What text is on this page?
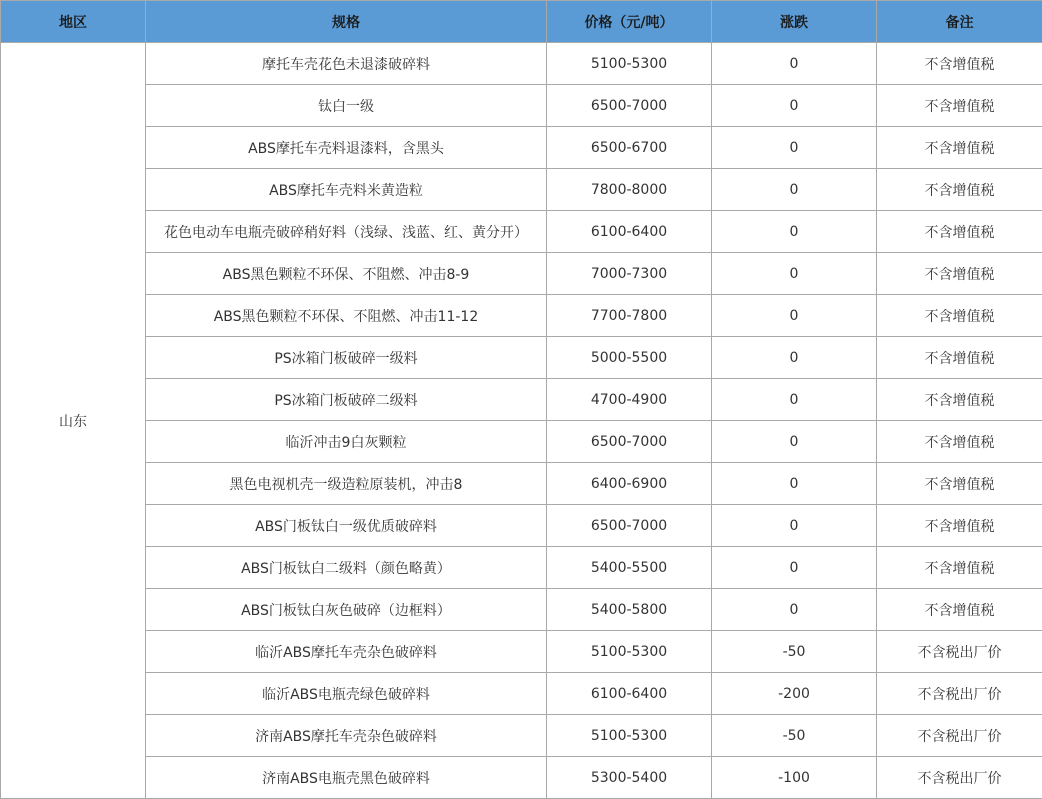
地区	规格	价格（元/吨）	涨跌	备注
山东	摩托车壳花色未退漆破碎料	5100-5300	0	不含增值税
	钛白一级	6500-7000	0	不含增值税
	ABS摩托车壳料退漆料，含黑头	6500-6700	0	不含增值税
	ABS摩托车壳料米黄造粒	7800-8000	0	不含增值税
	花色电动车电瓶壳破碎稍好料（浅绿、浅蓝、红、黄分开）	6100-6400	0	不含增值税
	ABS黑色颗粒不环保、不阻燃、冲击8-9	7000-7300	0	不含增值税
	ABS黑色颗粒不环保、不阻燃、冲击11-12	7700-7800	0	不含增值税
	PS冰箱门板破碎一级料	5000-5500	0	不含增值税
	PS冰箱门板破碎二级料	4700-4900	0	不含增值税
	临沂冲击9白灰颗粒	6500-7000	0	不含增值税
	黑色电视机壳一级造粒原装机，冲击8	6400-6900	0	不含增值税
	ABS门板钛白一级优质破碎料	6500-7000	0	不含增值税
	ABS门板钛白二级料（颜色略黄）	5400-5500	0	不含增值税
	ABS门板钛白灰色破碎（边框料）	5400-5800	0	不含增值税
	临沂ABS摩托车壳杂色破碎料	5100-5300	-50	不含税出厂价
	临沂ABS电瓶壳绿色破碎料	6100-6400	-200	不含税出厂价
	济南ABS摩托车壳杂色破碎料	5100-5300	-50	不含税出厂价
	济南ABS电瓶壳黑色破碎料	5300-5400	-100	不含税出厂价
